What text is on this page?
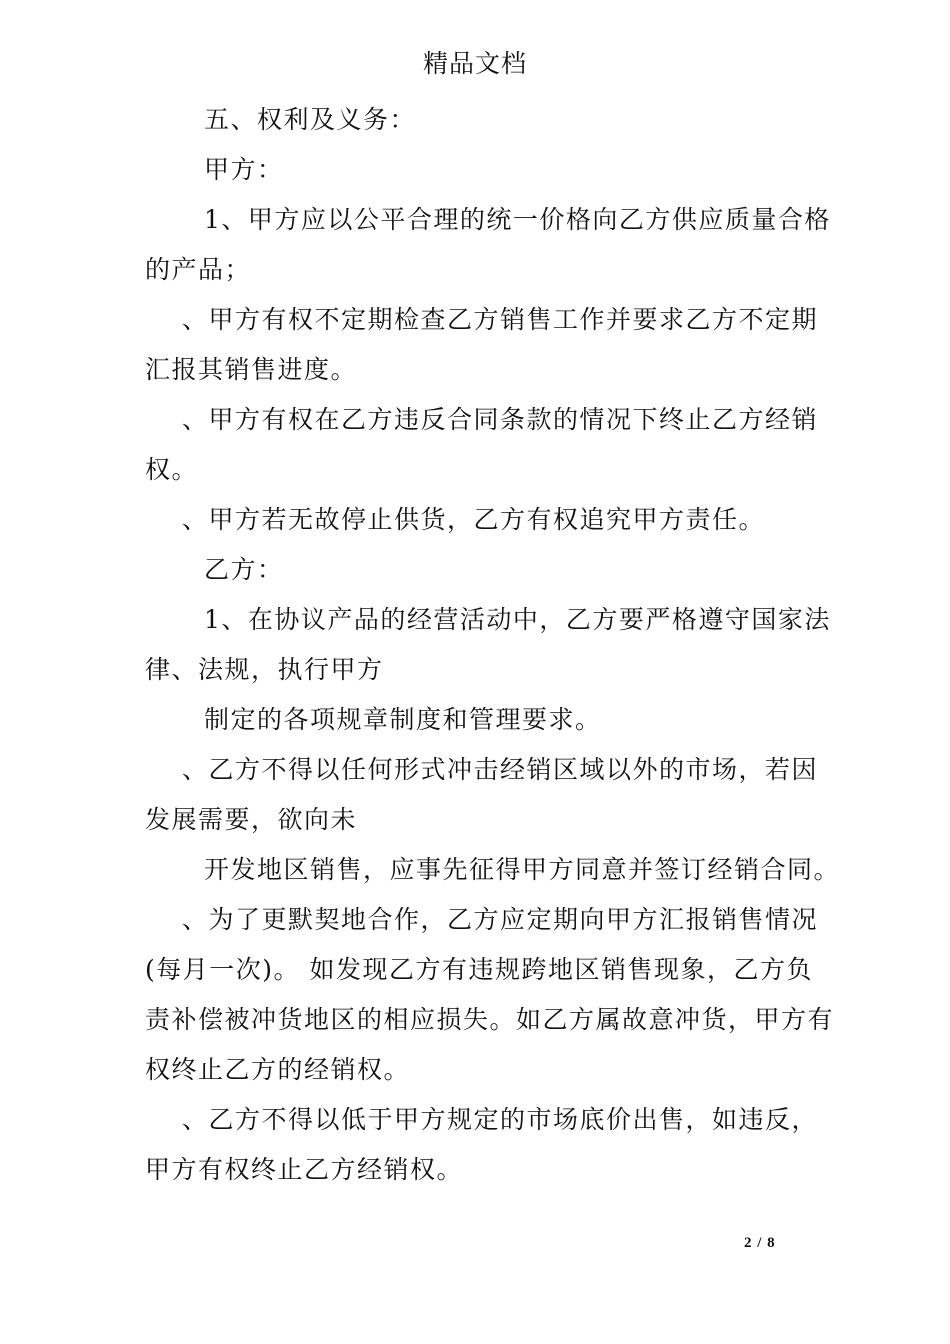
精品文档
五、权利及义务：
甲方：
1、甲方应以公平合理的统一价格向乙方供应质量合格
的产品；
、甲方有权不定期检查乙方销售工作并要求乙方不定期
汇报其销售进度。
、甲方有权在乙方违反合同条款的情况下终止乙方经销
权。
、甲方若无故停止供货，乙方有权追究甲方责任。
乙方：
1、在协议产品的经营活动中，乙方要严格遵守国家法
律、法规，执行甲方
制定的各项规章制度和管理要求。
、乙方不得以任何形式冲击经销区域以外的市场，若因
发展需要，欲向未
开发地区销售，应事先征得甲方同意并签订经销合同。
、为了更默契地合作，乙方应定期向甲方汇报销售情况
(每月一次)。 如发现乙方有违规跨地区销售现象，乙方负
责补偿被冲货地区的相应损失。如乙方属故意冲货，甲方有
权终止乙方的经销权。
、乙方不得以低于甲方规定的市场底价出售，如违反，
甲方有权终止乙方经销权。
2 / 8
